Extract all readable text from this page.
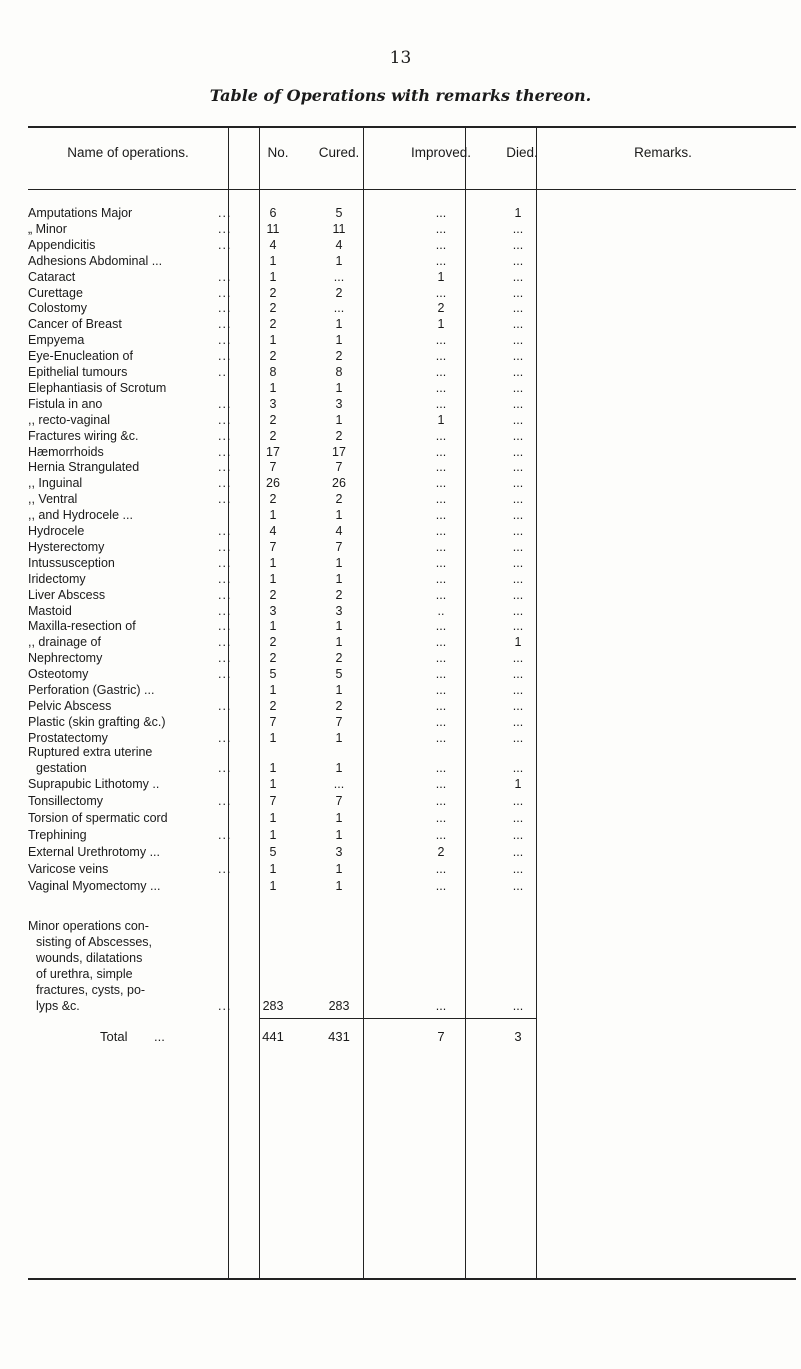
13
Table of Operations with remarks thereon.
Name of operations.	No.	Cured.	Improved.	Died.	Remarks.
Amputations Major	...	6	5	...	1
„ Minor	...	11	11	...	...
Appendicitis	...	4	4	...	...
Adhesions Abdominal ...	1	1	...	...
Cataract	...	1	...	1	...
Curettage	...	2	2	...	...
Colostomy	...	2	...	2	...
Cancer of Breast	...	2	1	1	...
Empyema	...	1	1	...	...
Eye-Enucleation of	...	2	2	...	...
Epithelial tumours	..	8	8	...	...
Elephantiasis of Scrotum	1	1	...	...
Fistula in ano	...	3	3	...	...
,, recto-vaginal	...	2	1	1	...
Fractures wiring &c.	...	2	2	...	...
Hæmorrhoids	...	17	17	...	...
Hernia Strangulated	...	7	7	...	...
,, Inguinal	...	26	26	...	...
,, Ventral	...	2	2	...	...
,, and Hydrocele ...	1	1	...	...
Hydrocele	...	4	4	...	...
Hysterectomy	...	7	7	...	...
Intussusception	...	1	1	...	...
Iridectomy	...	1	1	...	...
Liver Abscess	...	2	2	...	...
Mastoid	...	3	3	..	...
Maxilla-resection of	...	1	1	...	...
,, drainage of	...	2	1	...	1
Nephrectomy	...	2	2	...	...
Osteotomy	...	5	5	...	...
Perforation (Gastric) ...	1	1	...	...
Pelvic Abscess	...	2	2	...	...
Plastic (skin grafting &c.)	7	7	...	...
Prostatectomy	...	1	1	...	...
Ruptured extra uterine
gestation	...	1	1	...	...
Suprapubic Lithotomy ..	1	...	...	1
Tonsillectomy	...	7	7	...	...
Torsion of spermatic cord	1	1	...	...
Trephining	...	1	1	...	...
External Urethrotomy ...	5	3	2	...
Varicose veins	...	1	1	...	...
Vaginal Myomectomy ...	1	1	...	...
Minor operations con-
sisting of Abscesses,
wounds, dilatations
of urethra, simple
fractures, cysts, po-
lyps &c.	...	283	283	...	...
Total ...	441	431	7	3
